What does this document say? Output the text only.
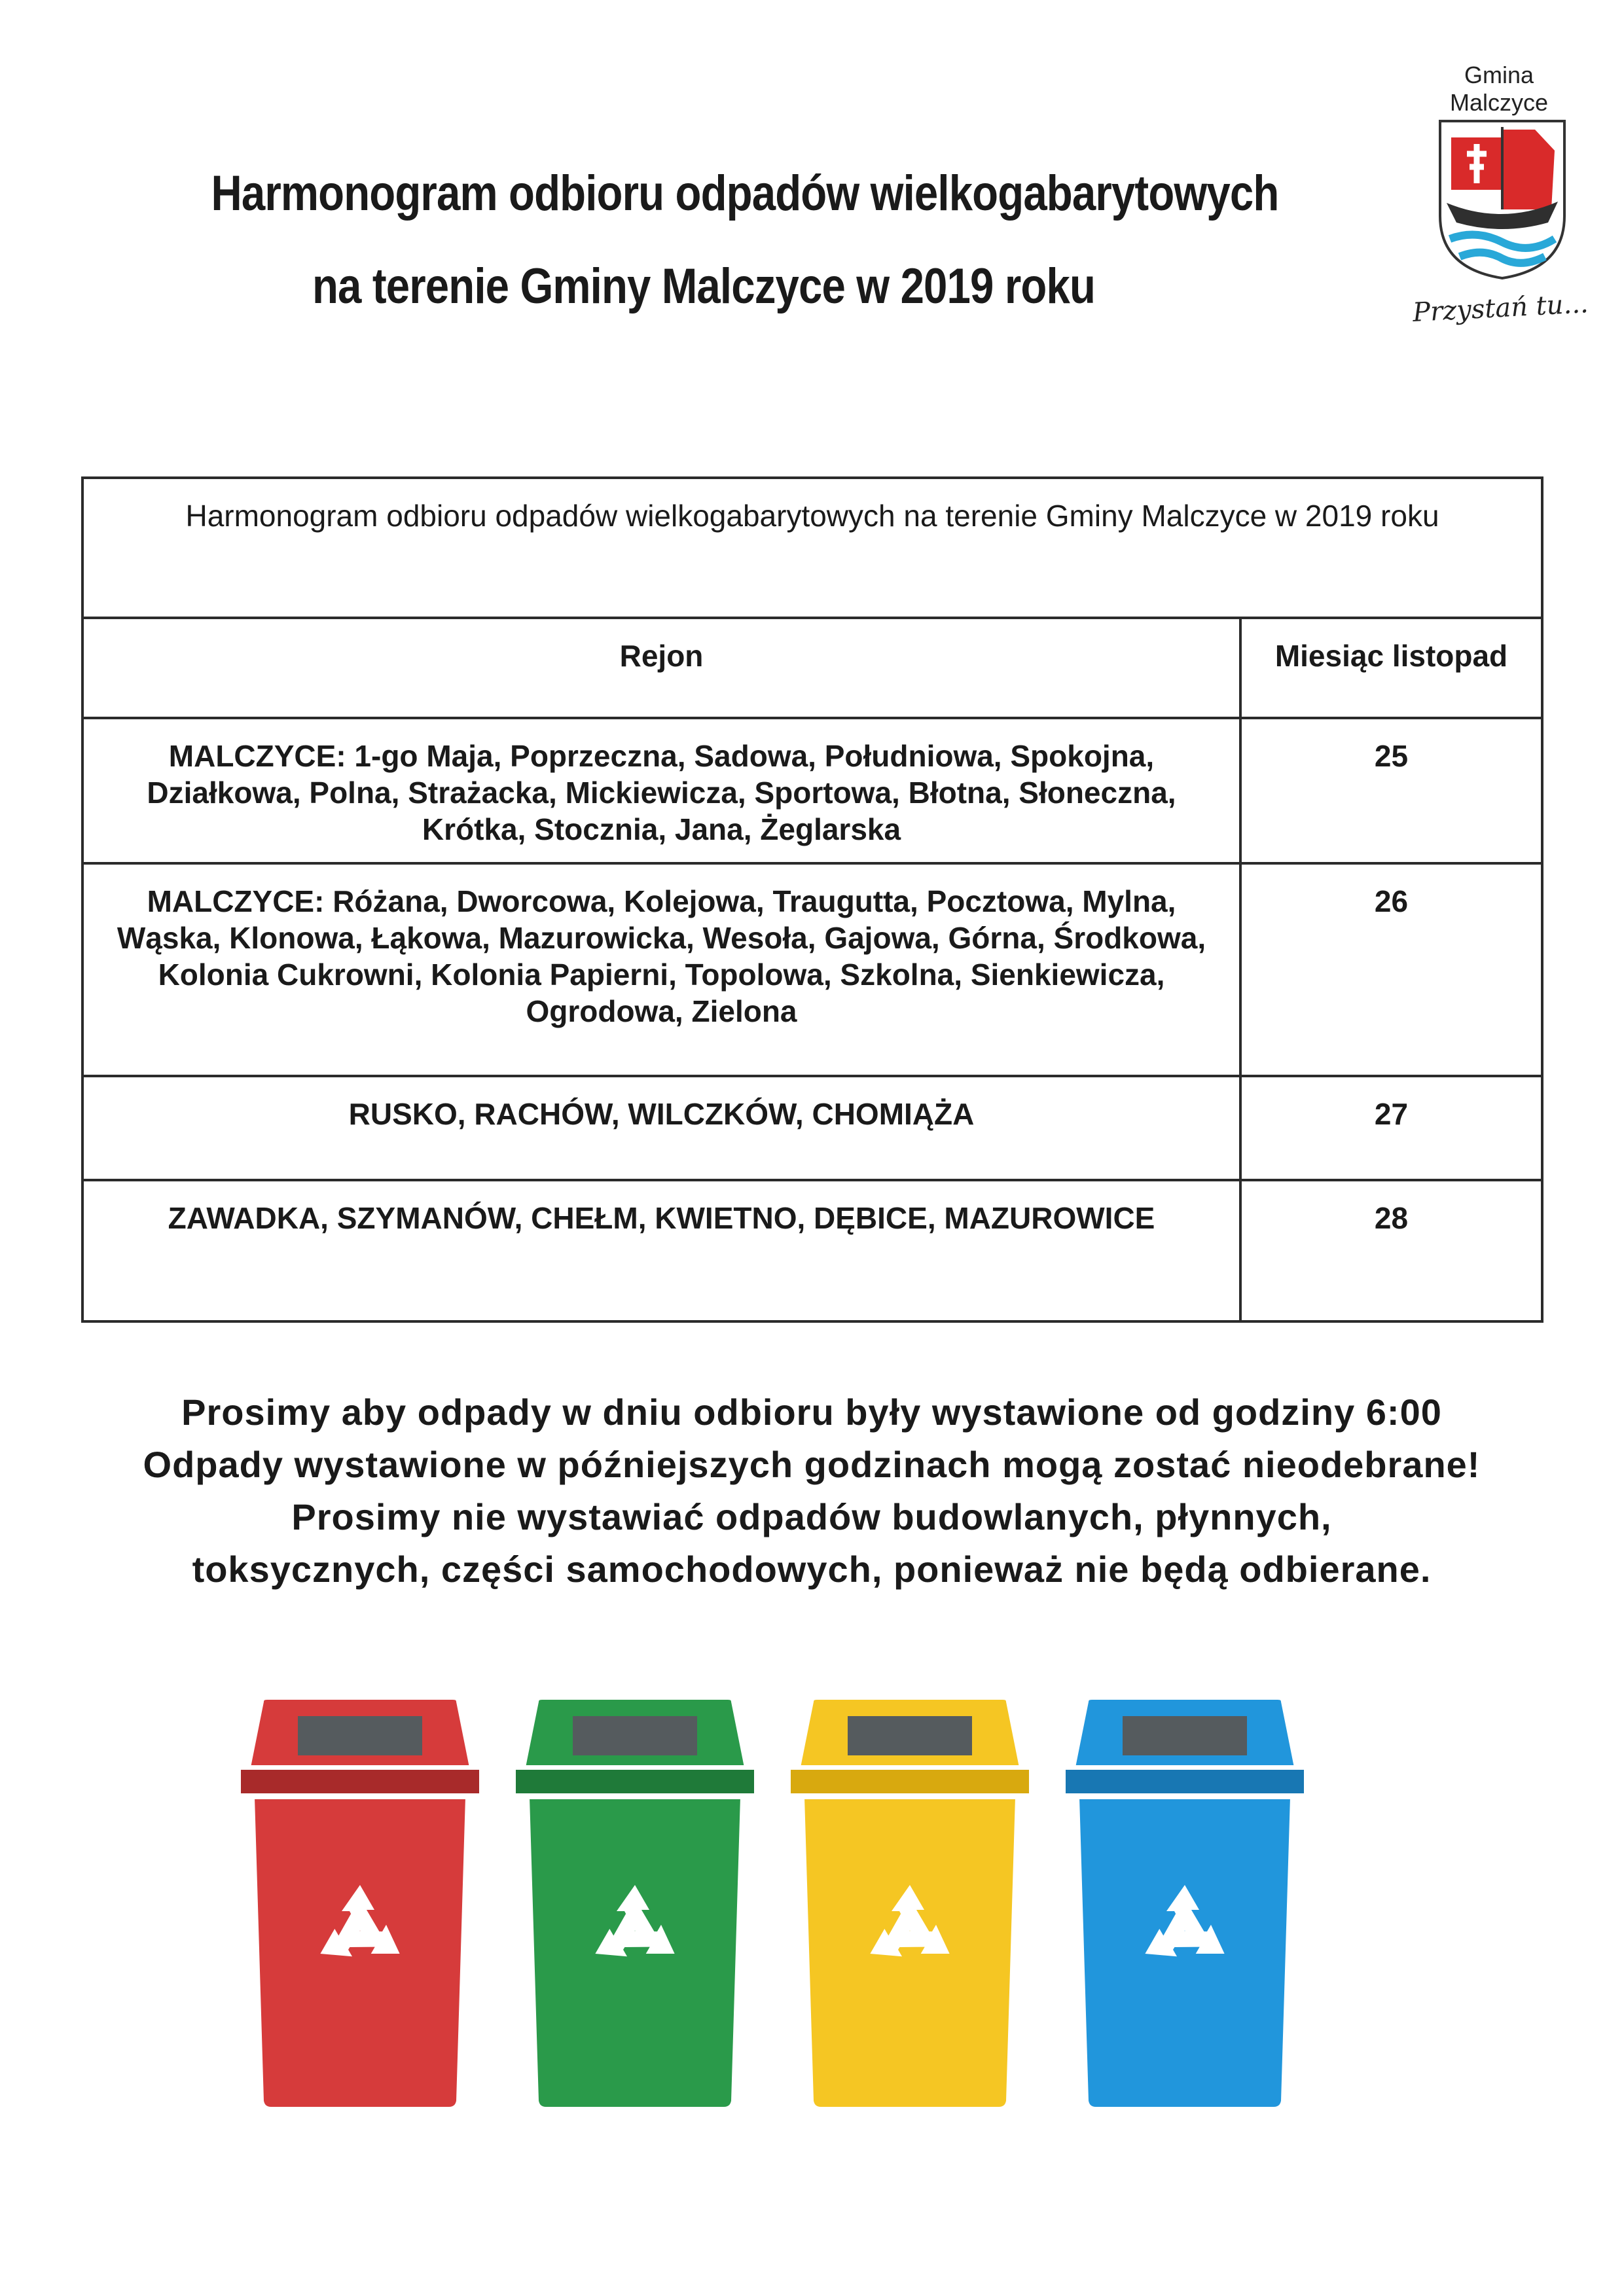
Harmonogram odbioru odpadów wielkogabarytowych
na terenie Gminy Malczyce w 2019 roku
Gmina
Malczyce
Przystań tu...
Harmonogram odbioru odpadów wielkogabarytowych na terenie Gminy Malczyce w 2019 roku	
Rejon	Miesiąc listopad
MALCZYCE: 1-go Maja, Poprzeczna, Sadowa, Południowa, Spokojna, Działkowa, Polna, Strażacka, Mickiewicza, Sportowa, Błotna, Słoneczna, Krótka, Stocznia, Jana, Żeglarska	25
MALCZYCE: Różana, Dworcowa, Kolejowa, Traugutta, Pocztowa, Mylna, Wąska, Klonowa, Łąkowa, Mazurowicka, Wesoła, Gajowa, Górna, Środkowa, Kolonia Cukrowni, Kolonia Papierni, Topolowa, Szkolna, Sienkiewicza, Ogrodowa, Zielona	26
RUSKO, RACHÓW, WILCZKÓW, CHOMIĄŻA	27
ZAWADKA, SZYMANÓW, CHEŁM, KWIETNO, DĘBICE, MAZUROWICE	28
Prosimy aby odpady w dniu odbioru były wystawione od godziny 6:00
Odpady wystawione w późniejszych godzinach mogą zostać nieodebrane!
Prosimy nie wystawiać odpadów budowlanych, płynnych,
toksycznych, części samochodowych, ponieważ nie będą odbierane.
